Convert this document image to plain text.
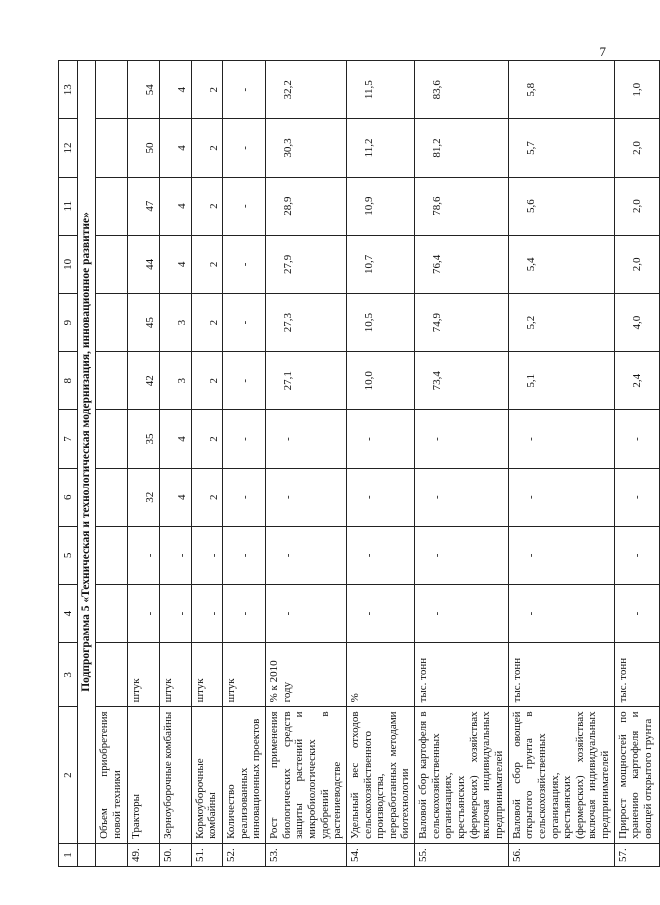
7
1	2	3	4	5	6	7	8	9	10	11	12	13
	Подпрограмма 5 «Техническая и технологическая модернизация, инновационное развитие»											
	Объем приобретения новой техники											
49.	Тракторы	штук	-	-	32	35	42	45	44	47	50	54
50.	Зерноуборочные комбайны	штук	-	-	4	4	3	3	4	4	4	4
51.	Кормоуборочные комбайны	штук	-	-	2	2	2	2	2	2	2	2
52.	Количество реализованных инновационных проектов	штук	-	-	-	-	-	-	-	-	-	-
53.	Рост применения биологических средств защиты растений и микробиологических удобрений в растениеводстве	% к 2010 году	-	-	-	-	27,1	27,3	27,9	28,9	30,3	32,2
54.	Удельный вес отходов сельскохозяйственного производства, переработанных методами биотехнологии	%	-	-	-	-	10,0	10,5	10,7	10,9	11,2	11,5
55.	Валовой сбор картофеля в сельскохозяйственных организациях, крестьянских (фермерских) хозяйствах включая индивидуальных предпринимателей	тыс. тонн	-	-	-	-	73,4	74,9	76,4	78,6	81,2	83,6
56.	Валовой сбор овощей открытого грунта в сельскохозяйственных организациях, крестьянских (фермерских) хозяйствах включая индивидуальных предпринимателей	тыс. тонн	-	-	-	-	5,1	5,2	5,4	5,6	5,7	5,8
57.	Прирост мощностей по хранению картофеля и овощей открытого грунта	тыс. тонн	-	-	-	-	2,4	4,0	2,0	2,0	2,0	1,0
